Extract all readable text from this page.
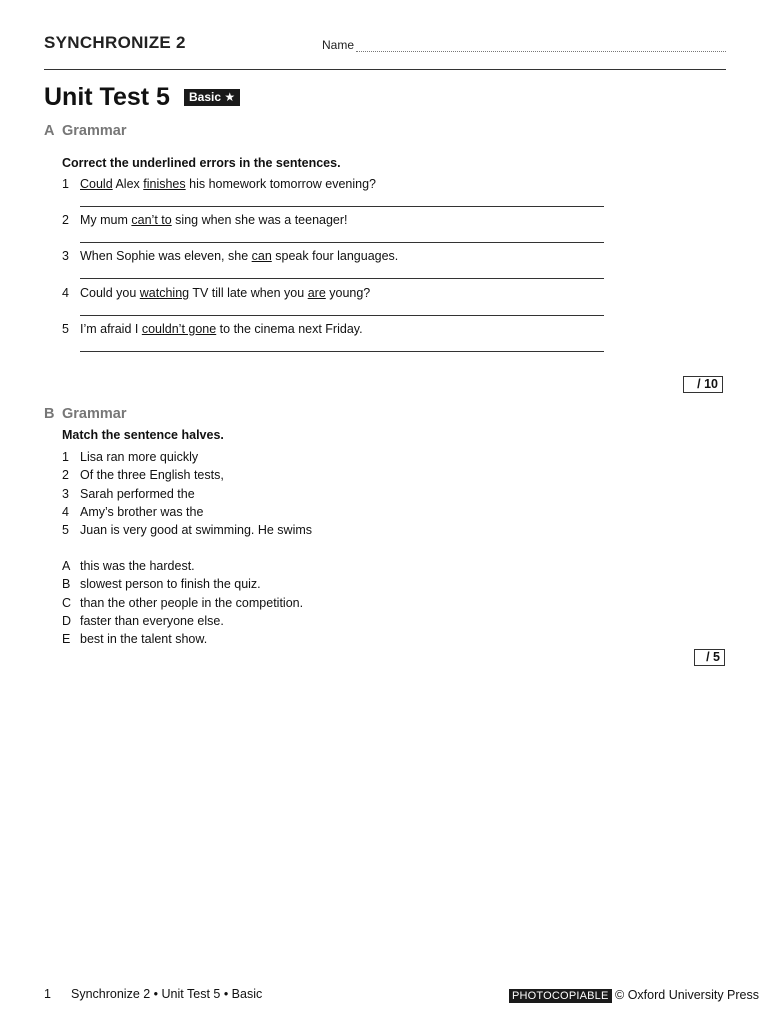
SYNCHRONIZE 2	Name
Unit Test 5	Basic ★
A Grammar
Correct the underlined errors in the sentences.
1 Could Alex finishes his homework tomorrow evening?
2 My mum can’t to sing when she was a teenager!
3 When Sophie was eleven, she can speak four languages.
4 Could you watching TV till late when you are young?
5 I’m afraid I couldn’t gone to the cinema next Friday.
/ 10
B Grammar
Match the sentence halves.
1 Lisa ran more quickly
2 Of the three English tests,
3 Sarah performed the
4 Amy’s brother was the
5 Juan is very good at swimming. He swims
A this was the hardest.
B slowest person to finish the quiz.
C than the other people in the competition.
D faster than everyone else.
E best in the talent show.
/ 5
1 Synchronize 2 • Unit Test 5 • Basic	PHOTOCOPIABLE © Oxford University Press
